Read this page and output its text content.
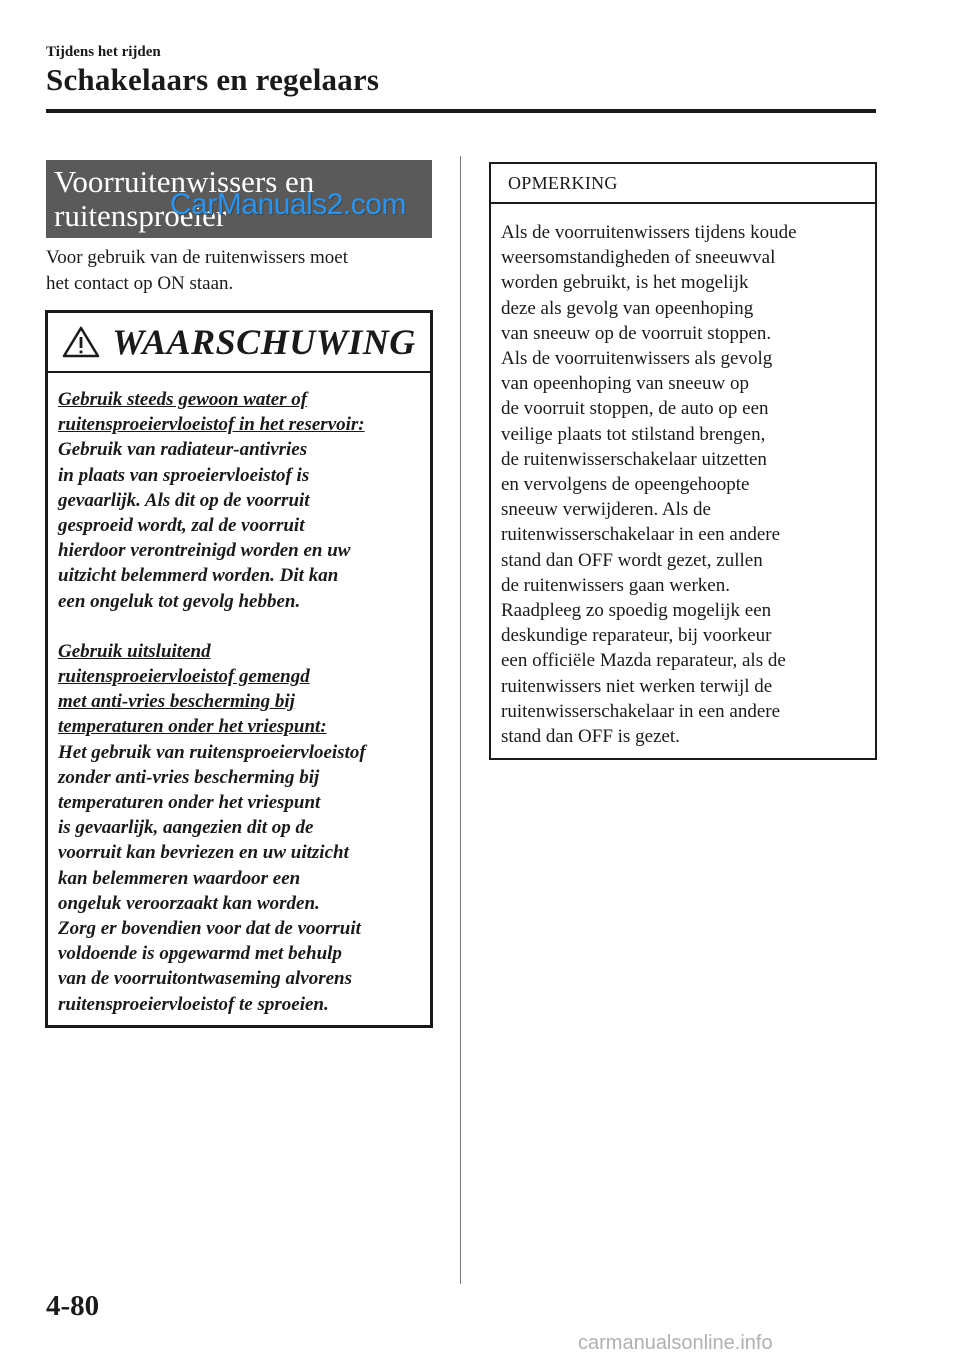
Tijdens het rijden
Schakelaars en regelaars
Voorruitenwissers en
ruitensproeier
CarManuals2.com
Voor gebruik van de ruitenwissers moet
het contact op ON staan.
WAARSCHUWING
Gebruik steeds gewoon water of
ruitensproeiervloeistof in het reservoir:
Gebruik van radiateur-antivries
in plaats van sproeiervloeistof is
gevaarlijk. Als dit op de voorruit
gesproeid wordt, zal de voorruit
hierdoor verontreinigd worden en uw
uitzicht belemmerd worden. Dit kan
een ongeluk tot gevolg hebben.
Gebruik uitsluitend
ruitensproeiervloeistof gemengd
met anti-vries bescherming bij
temperaturen onder het vriespunt:
Het gebruik van ruitensproeiervloeistof
zonder anti-vries bescherming bij
temperaturen onder het vriespunt
is gevaarlijk, aangezien dit op de
voorruit kan bevriezen en uw uitzicht
kan belemmeren waardoor een
ongeluk veroorzaakt kan worden.
Zorg er bovendien voor dat de voorruit
voldoende is opgewarmd met behulp
van de voorruitontwaseming alvorens
ruitensproeiervloeistof te sproeien.
OPMERKING
Als de voorruitenwissers tijdens koude
weersomstandigheden of sneeuwval
worden gebruikt, is het mogelijk
deze als gevolg van opeenhoping
van sneeuw op de voorruit stoppen.
Als de voorruitenwissers als gevolg
van opeenhoping van sneeuw op
de voorruit stoppen, de auto op een
veilige plaats tot stilstand brengen,
de ruitenwisserschakelaar uitzetten
en vervolgens de opeengehoopte
sneeuw verwijderen. Als de
ruitenwisserschakelaar in een andere
stand dan OFF wordt gezet, zullen
de ruitenwissers gaan werken.
Raadpleeg zo spoedig mogelijk een
deskundige reparateur, bij voorkeur
een officiële Mazda reparateur, als de
ruitenwissers niet werken terwijl de
ruitenwisserschakelaar in een andere
stand dan OFF is gezet.
4-80
carmanualsonline.info
